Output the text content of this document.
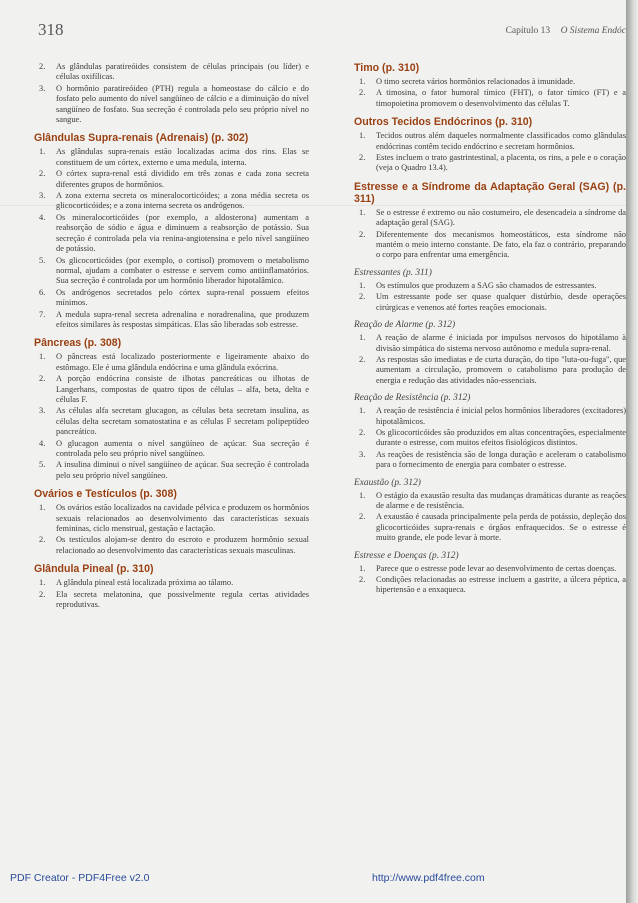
318	Capítulo 13 O Sistema Endóc
2. As glândulas paratireóides consistem de células principais (ou líder) e células oxifílicas.
3. O hormônio paratireóideo (PTH) regula a homeostase do cálcio e do fosfato pelo aumento do nível sangüíneo de cálcio e a diminuição do nível sangüíneo de fosfato. Sua secreção é controlada pelo seu próprio nível no sangue.
Glândulas Supra-renais (Adrenais) (p. 302)
1. As glândulas supra-renais estão localizadas acima dos rins. Elas se constituem de um córtex, externo e uma medula, interna.
2. O córtex supra-renal está dividido em três zonas e cada zona secreta diferentes grupos de hormônios.
3. A zona externa secreta os mineralocorticóides; a zona média secreta os glicocorticóides; e a zona interna secreta os andrógenos.
4. Os mineralocorticóides (por exemplo, a aldosterona) aumentam a reabsorção de sódio e água e diminuem a reabsorção de potássio. Sua secreção é controlada pela via renina-angiotensina e pelo nível sangüíneo de potássio.
5. Os glicocorticóides (por exemplo, o cortisol) promovem o metabolismo normal, ajudam a combater o estresse e servem como antiinflamatórios. Sua secreção é controlada por um hormônio liberador hipotalâmico.
6. Os andrógenos secretados pelo córtex supra-renal possuem efeitos mínimos.
7. A medula supra-renal secreta adrenalina e noradrenalina, que produzem efeitos similares às respostas simpáticas. Elas são liberadas sob estresse.
Pâncreas (p. 308)
1. O pâncreas está localizado posteriormente e ligeiramente abaixo do estômago. Ele é uma glândula endócrina e uma glândula exócrina.
2. A porção endócrina consiste de ilhotas pancreáticas ou ilhotas de Langerhans, compostas de quatro tipos de células – alfa, beta, delta e células F.
3. As células alfa secretam glucagon, as células beta secretam insulina, as células delta secretam somatostatina e as células F secretam polipeptídeo pancreático.
4. O glucagon aumenta o nível sangüíneo de açúcar. Sua secreção é controlada pelo seu próprio nível sangüíneo.
5. A insulina diminui o nível sangüíneo de açúcar. Sua secreção é controlada pelo seu próprio nível sangüíneo.
Ovários e Testículos (p. 308)
1. Os ovários estão localizados na cavidade pélvica e produzem os hormônios sexuais relacionados ao desenvolvimento das características sexuais femininas, ciclo menstrual, gestação e lactação.
2. Os testículos alojam-se dentro do escroto e produzem hormônio sexual relacionado ao desenvolvimento das características sexuais masculinas.
Glândula Pineal (p. 310)
1. A glândula pineal está localizada próxima ao tálamo.
2. Ela secreta melatonina, que possivelmente regula certas atividades reprodutivas.
Timo (p. 310)
1. O timo secreta vários hormônios relacionados à imunidade.
2. A timosina, o fator humoral tímico (FHT), o fator tímico (FT) e a timopoietina promovem o desenvolvimento das células T.
Outros Tecidos Endócrinos (p. 310)
1. Tecidos outros além daqueles normalmente classificados como glândulas endócrinas contêm tecido endócrino e secretam hormônios.
2. Estes incluem o trato gastrintestinal, a placenta, os rins, a pele e o coração (veja o Quadro 13.4).
Estresse e a Síndrome da Adaptação Geral (SAG) (p. 311)
1. Se o estresse é extremo ou não costumeiro, ele desencadeia a síndrome da adaptação geral (SAG).
2. Diferentemente dos mecanismos homeostáticos, esta síndrome não mantém o meio interno constante. De fato, ela faz o contrário, preparando o corpo para enfrentar uma emergência.
Estressantes (p. 311)
1. Os estímulos que produzem a SAG são chamados de estressantes.
2. Um estressante pode ser quase qualquer distúrbio, desde operações cirúrgicas e venenos até fortes reações emocionais.
Reação de Alarme (p. 312)
1. A reação de alarme é iniciada por impulsos nervosos do hipotálamo à divisão simpática do sistema nervoso autônomo e medula supra-renal.
2. As respostas são imediatas e de curta duração, do tipo "luta-ou-fuga", que aumentam a circulação, promovem o catabolismo para produção de energia e redução das atividades não-essenciais.
Reação de Resistência (p. 312)
1. A reação de resistência é inicial pelos hormônios liberadores (excitadores) hipotalâmicos.
2. Os glicocorticóides são produzidos em altas concentrações, especialmente durante o estresse, com muitos efeitos fisiológicos distintos.
3. As reações de resistência são de longa duração e aceleram o catabolismo para o fornecimento de energia para combater o estresse.
Exaustão (p. 312)
1. O estágio da exaustão resulta das mudanças dramáticas durante as reações de alarme e de resistência.
2. A exaustão é causada principalmente pela perda de potássio, depleção dos glicocorticóides supra-renais e órgãos enfraquecidos. Se o estresse é muito grande, ele pode levar à morte.
Estresse e Doenças (p. 312)
1. Parece que o estresse pode levar ao desenvolvimento de certas doenças.
2. Condições relacionadas ao estresse incluem a gastrite, a úlcera péptica, a hipertensão e a enxaqueca.
PDF Creator - PDF4Free v2.0	http://www.pdf4free.com
